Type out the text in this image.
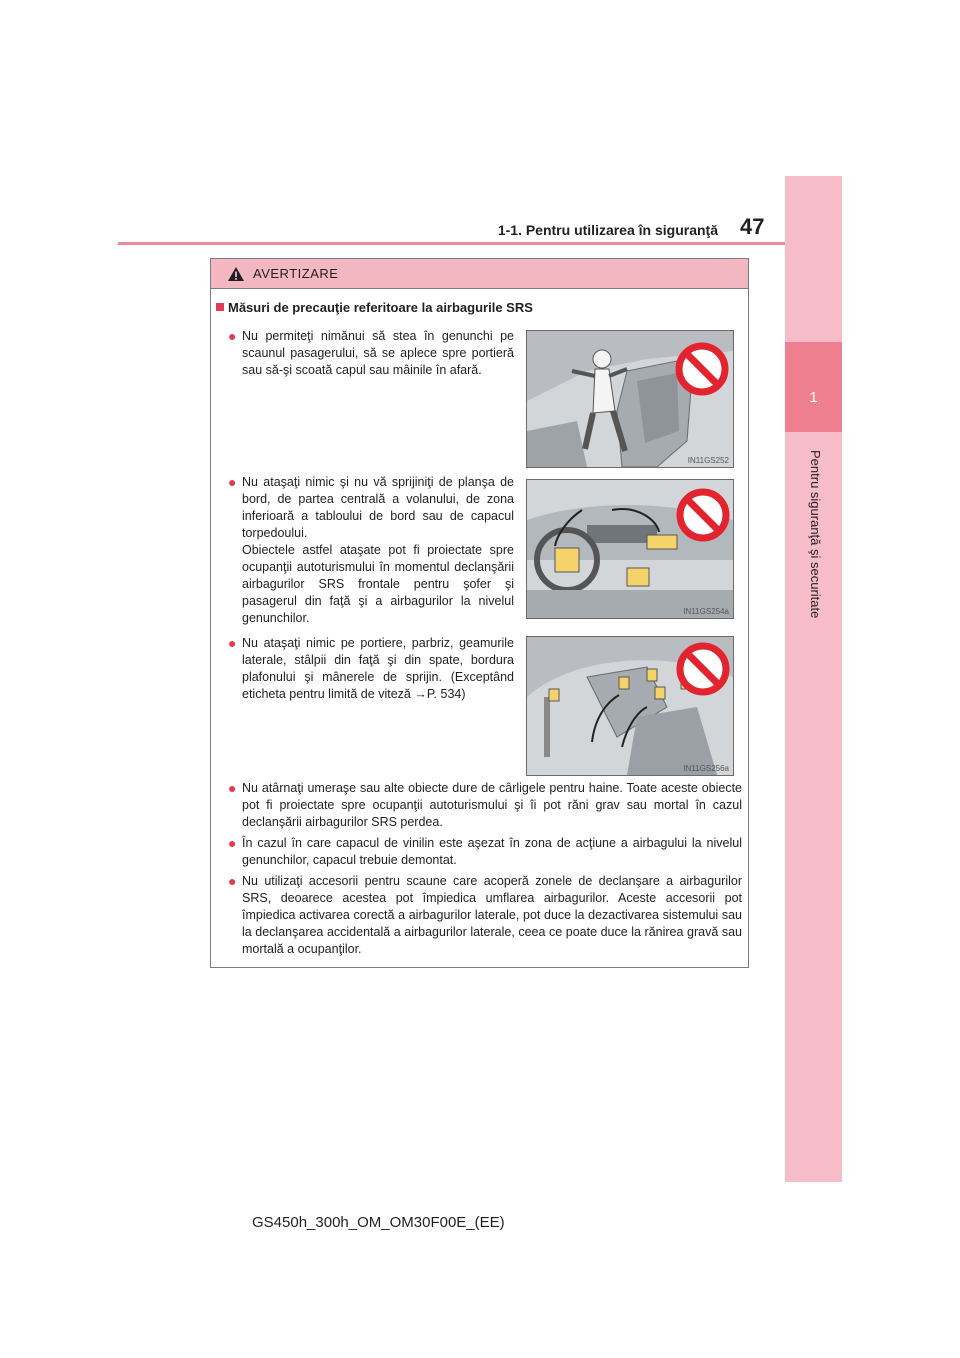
1
Pentru siguranţă şi securitate
1-1. Pentru utilizarea în siguranţă 47
AVERTIZARE
Măsuri de precauţie referitoare la airbagurile SRS
● Nu permiteţi nimănui să stea în genunchi pe scaunul pasagerului, să se aplece spre portieră sau să-şi scoată capul sau mâinile în afară.

IN11GS252
● Nu ataşaţi nimic şi nu vă sprijiniţi de planşa de bord, de partea centrală a volanului, de zona inferioară a tabloului de bord sau de capacul torpedoului.

Obiectele astfel ataşate pot fi proiectate spre ocupanţii autoturismului în momentul declanşării airbagurilor SRS frontale pentru şofer şi pasagerul din faţă şi a airbagurilor la nivelul genunchilor.	IN11GS254a
● Nu ataşaţi nimic pe portiere, parbriz, geamurile laterale, stâlpii din faţă şi din spate, bordura plafonului şi mânerele de sprijin. (Exceptând eticheta pentru limită de viteză →P. 534)

IN11GS256a
● Nu atârnaţi umeraşe sau alte obiecte dure de cârligele pentru haine. Toate aceste obiecte pot fi proiectate spre ocupanţii autoturismului şi îi pot răni grav sau mortal în cazul declanşării airbagurilor SRS perdea.

● În cazul în care capacul de vinilin este aşezat în zona de acţiune a airbagului la nivelul genunchilor, capacul trebuie demontat.

● Nu utilizaţi accesorii pentru scaune care acoperă zonele de declanşare a airbagurilor SRS, deoarece acestea pot împiedica umflarea airbagurilor. Aceste accesorii pot împiedica activarea corectă a airbagurilor laterale, pot duce la dezactivarea sistemului sau la declanşarea accidentală a airbagurilor laterale, ceea ce poate duce la rănirea gravă sau mortală a ocupanţilor.

GS450h_300h_OM_OM30F00E_(EE)
